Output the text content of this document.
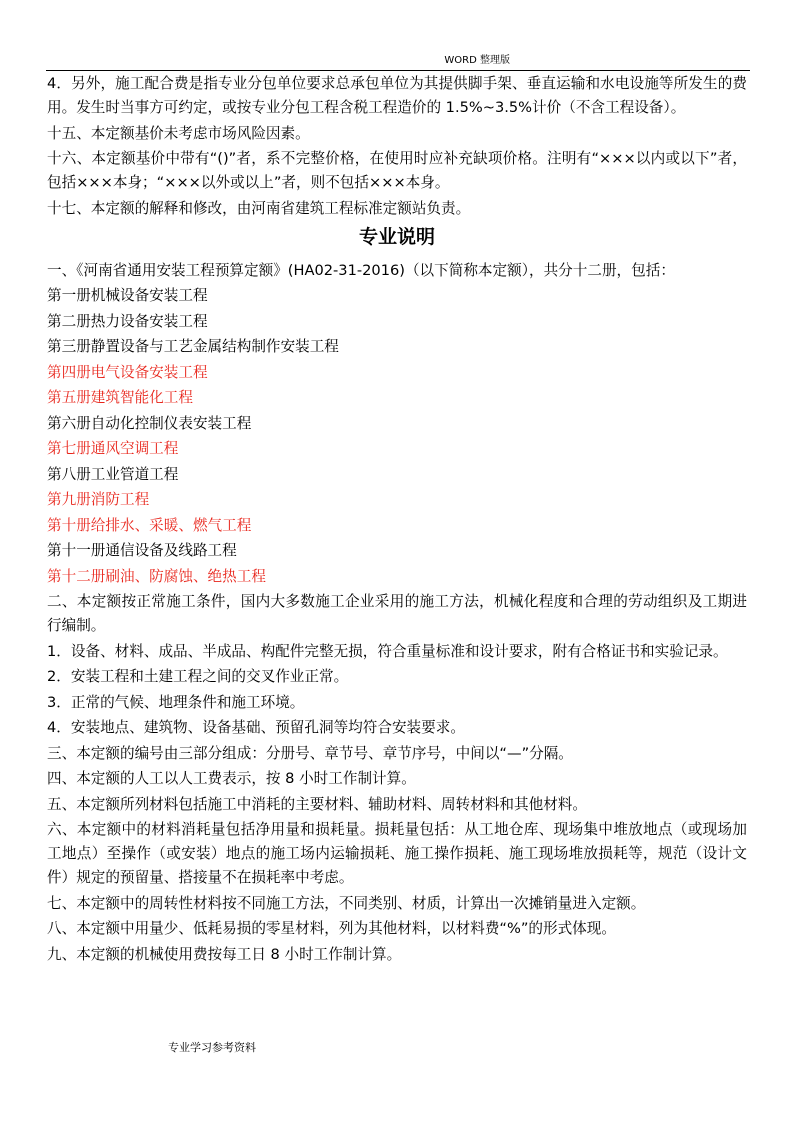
WORD 整理版

4．另外，施工配合费是指专业分包单位要求总承包单位为其提供脚手架、垂直运输和水电设施等所发生的费用。发生时当事方可约定，或按专业分包工程含税工程造价的 1.5%~3.5%计价（不含工程设备）。

十五、本定额基价未考虑市场风险因素。

十六、本定额基价中带有“()”者，系不完整价格，在使用时应补充缺项价格。注明有“×××以内或以下”者，包括×××本身；“×××以外或以上”者，则不包括×××本身。

十七、本定额的解释和修改，由河南省建筑工程标准定额站负责。

专业说明

一、《河南省通用安装工程预算定额》(HA02-31-2016)（以下简称本定额），共分十二册，包括：

第一册机械设备安装工程

第二册热力设备安装工程

第三册静置设备与工艺金属结构制作安装工程

第四册电气设备安装工程

第五册建筑智能化工程

第六册自动化控制仪表安装工程

第七册通风空调工程

第八册工业管道工程

第九册消防工程

第十册给排水、采暖、燃气工程

第十一册通信设备及线路工程

第十二册刷油、防腐蚀、绝热工程

二、本定额按正常施工条件，国内大多数施工企业采用的施工方法，机械化程度和合理的劳动组织及工期进行编制。

1．设备、材料、成品、半成品、构配件完整无损，符合重量标准和设计要求，附有合格证书和实验记录。

2．安装工程和土建工程之间的交叉作业正常。

3．正常的气候、地理条件和施工环境。

4．安装地点、建筑物、设备基础、预留孔洞等均符合安装要求。

三、本定额的编号由三部分组成：分册号、章节号、章节序号，中间以“—”分隔。

四、本定额的人工以人工费表示，按 8 小时工作制计算。

五、本定额所列材料包括施工中消耗的主要材料、辅助材料、周转材料和其他材料。

六、本定额中的材料消耗量包括净用量和损耗量。损耗量包括：从工地仓库、现场集中堆放地点（或现场加工地点）至操作（或安装）地点的施工场内运输损耗、施工操作损耗、施工现场堆放损耗等，规范（设计文件）规定的预留量、搭接量不在损耗率中考虑。

七、本定额中的周转性材料按不同施工方法，不同类别、材质，计算出一次摊销量进入定额。

八、本定额中用量少、低耗易损的零星材料，列为其他材料，以材料费“%”的形式体现。

九、本定额的机械使用费按每工日 8 小时工作制计算。

专业学习参考资料
